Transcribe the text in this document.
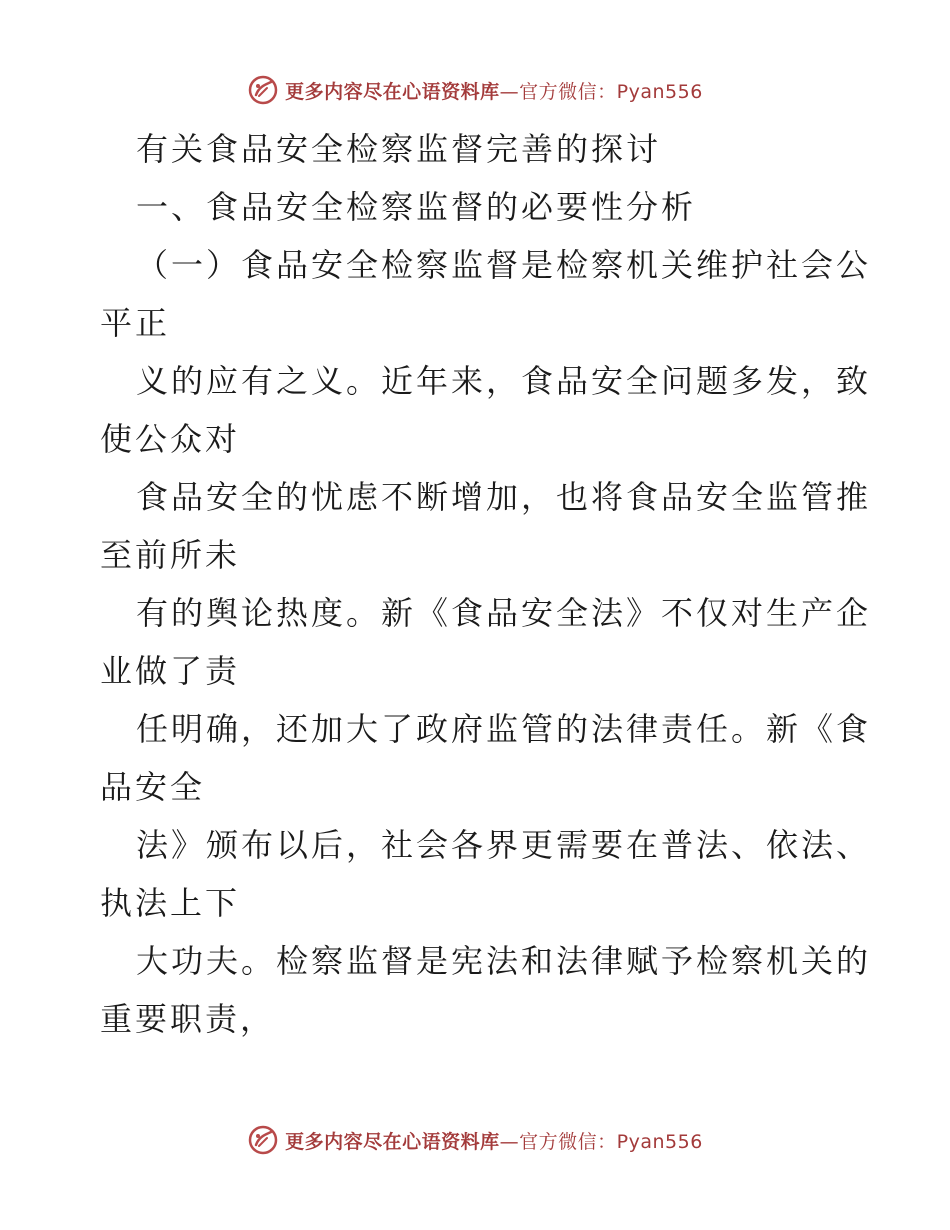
更多内容尽在心语资料库—官方微信：Pyan556
有关食品安全检察监督完善的探讨
一、食品安全检察监督的必要性分析
（一）食品安全检察监督是检察机关维护社会公
平正
义的应有之义。近年来，食品安全问题多发，致
使公众对
食品安全的忧虑不断增加，也将食品安全监管推
至前所未
有的舆论热度。新《食品安全法》不仅对生产企
业做了责
任明确，还加大了政府监管的法律责任。新《食
品安全
法》颁布以后，社会各界更需要在普法、依法、
执法上下
大功夫。检察监督是宪法和法律赋予检察机关的
重要职责，
更多内容尽在心语资料库—官方微信：Pyan556
